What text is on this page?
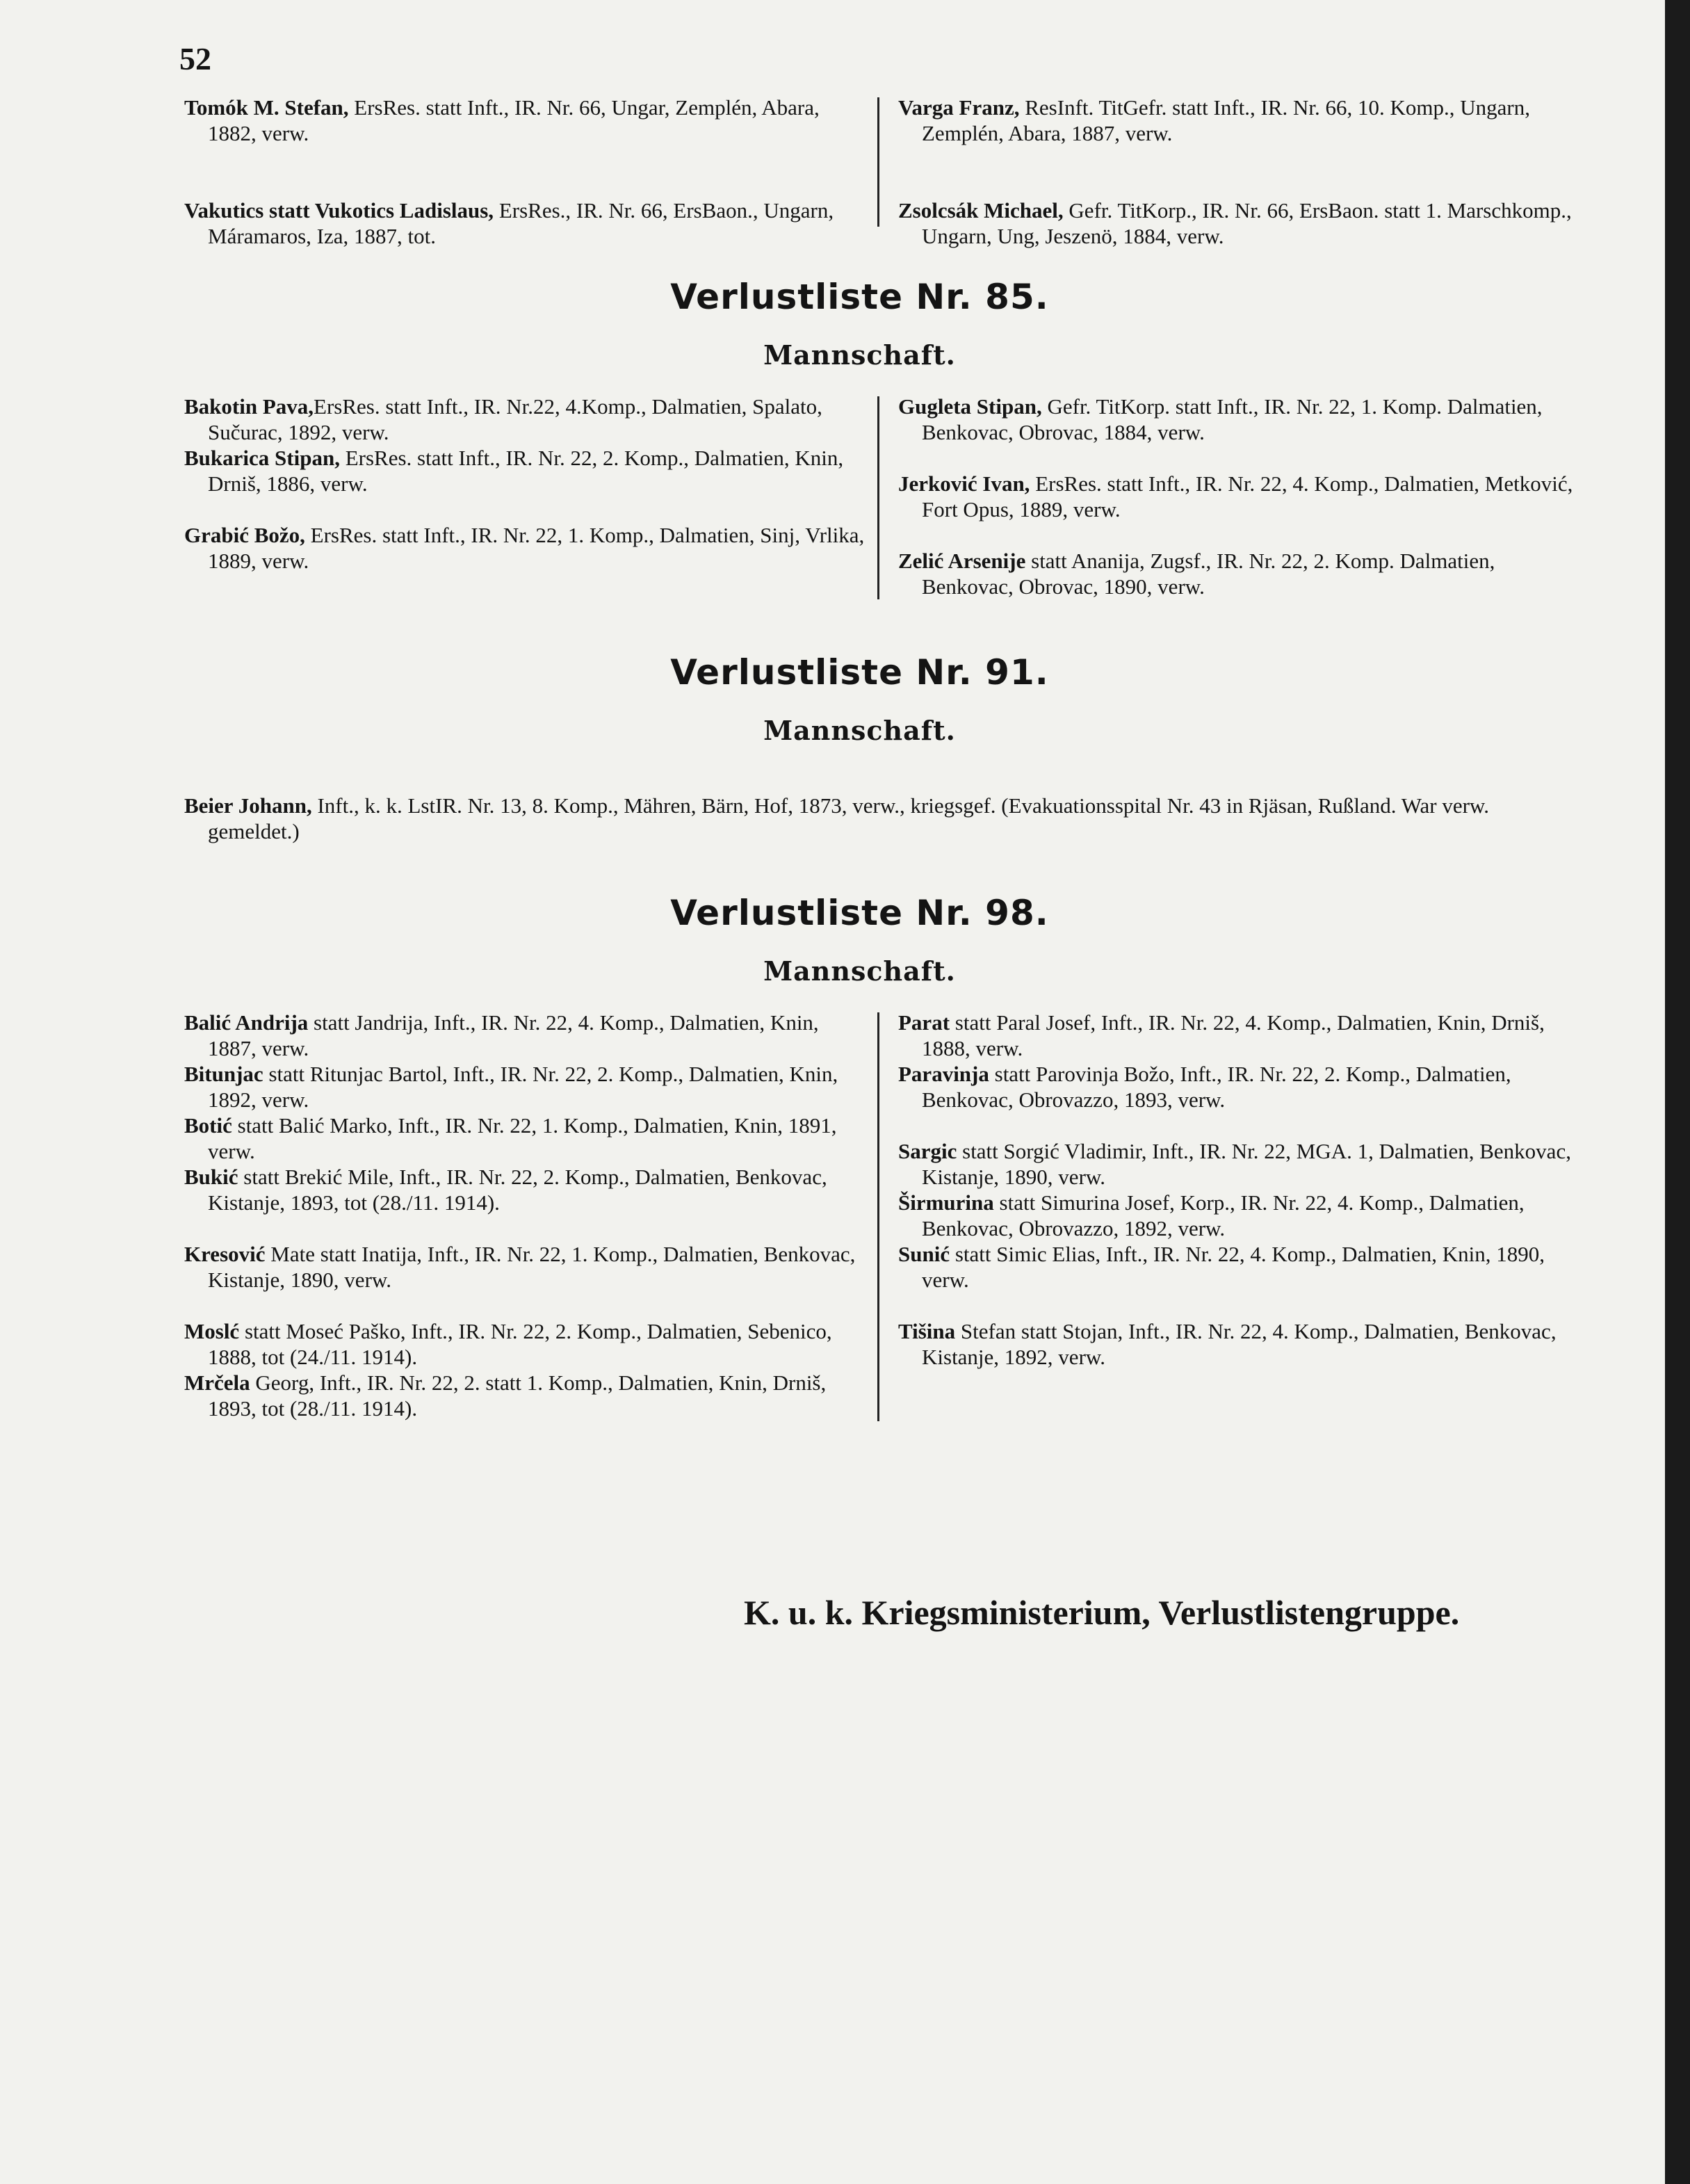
52
Tomók M. Stefan, ErsRes. statt Inft., IR. Nr. 66, Ungar, Zemplén, Abara, 1882, verw.
Vakutics statt Vukotics Ladislaus, ErsRes., IR. Nr. 66, ErsBaon., Ungarn, Máramaros, Iza, 1887, tot.
Varga Franz, ResInft. TitGefr. statt Inft., IR. Nr. 66, 10. Komp., Ungarn, Zemplén, Abara, 1887, verw.
Zsolcsák Michael, Gefr. TitKorp., IR. Nr. 66, ErsBaon. statt 1. Marschkomp., Ungarn, Ung, Jeszenö, 1884, verw.
Verlustliste Nr. 85.
Mannschaft.
Bakotin Pava,ErsRes. statt Inft., IR. Nr.22, 4.Komp., Dalmatien, Spalato, Sučurac, 1892, verw.
Bukarica Stipan, ErsRes. statt Inft., IR. Nr. 22, 2. Komp., Dalmatien, Knin, Drniš, 1886, verw.
Grabić Božo, ErsRes. statt Inft., IR. Nr. 22, 1. Komp., Dalmatien, Sinj, Vrlika, 1889, verw.
Gugleta Stipan, Gefr. TitKorp. statt Inft., IR. Nr. 22, 1. Komp. Dalmatien, Benkovac, Obrovac, 1884, verw.
Jerković Ivan, ErsRes. statt Inft., IR. Nr. 22, 4. Komp., Dalmatien, Metković, Fort Opus, 1889, verw.
Zelić Arsenije statt Ananija, Zugsf., IR. Nr. 22, 2. Komp. Dalmatien, Benkovac, Obrovac, 1890, verw.
Verlustliste Nr. 91.
Mannschaft.
Beier Johann, Inft., k. k. LstIR. Nr. 13, 8. Komp., Mähren, Bärn, Hof, 1873, verw., kriegsgef. (Evakuationsspital Nr. 43 in Rjäsan, Rußland. War verw. gemeldet.)
Verlustliste Nr. 98.
Mannschaft.
Balić Andrija statt Jandrija, Inft., IR. Nr. 22, 4. Komp., Dalmatien, Knin, 1887, verw.
Bitunjac statt Ritunjac Bartol, Inft., IR. Nr. 22, 2. Komp., Dalmatien, Knin, 1892, verw.
Botić statt Balić Marko, Inft., IR. Nr. 22, 1. Komp., Dalmatien, Knin, 1891, verw.
Bukić statt Brekić Mile, Inft., IR. Nr. 22, 2. Komp., Dalmatien, Benkovac, Kistanje, 1893, tot (28./11. 1914).
Kresović Mate statt Inatija, Inft., IR. Nr. 22, 1. Komp., Dalmatien, Benkovac, Kistanje, 1890, verw.
Moslć statt Moseć Paško, Inft., IR. Nr. 22, 2. Komp., Dalmatien, Sebenico, 1888, tot (24./11. 1914).
Mrčela Georg, Inft., IR. Nr. 22, 2. statt 1. Komp., Dalmatien, Knin, Drniš, 1893, tot (28./11. 1914).
Parat statt Paral Josef, Inft., IR. Nr. 22, 4. Komp., Dalmatien, Knin, Drniš, 1888, verw.
Paravinja statt Parovinja Božo, Inft., IR. Nr. 22, 2. Komp., Dalmatien, Benkovac, Obrovazzo, 1893, verw.
Sargic statt Sorgić Vladimir, Inft., IR. Nr. 22, MGA. 1, Dalmatien, Benkovac, Kistanje, 1890, verw.
Širmurina statt Simurina Josef, Korp., IR. Nr. 22, 4. Komp., Dalmatien, Benkovac, Obrovazzo, 1892, verw.
Sunić statt Simic Elias, Inft., IR. Nr. 22, 4. Komp., Dalmatien, Knin, 1890, verw.
Tišina Stefan statt Stojan, Inft., IR. Nr. 22, 4. Komp., Dalmatien, Benkovac, Kistanje, 1892, verw.
K. u. k. Kriegsministerium, Verlustlistengruppe.
